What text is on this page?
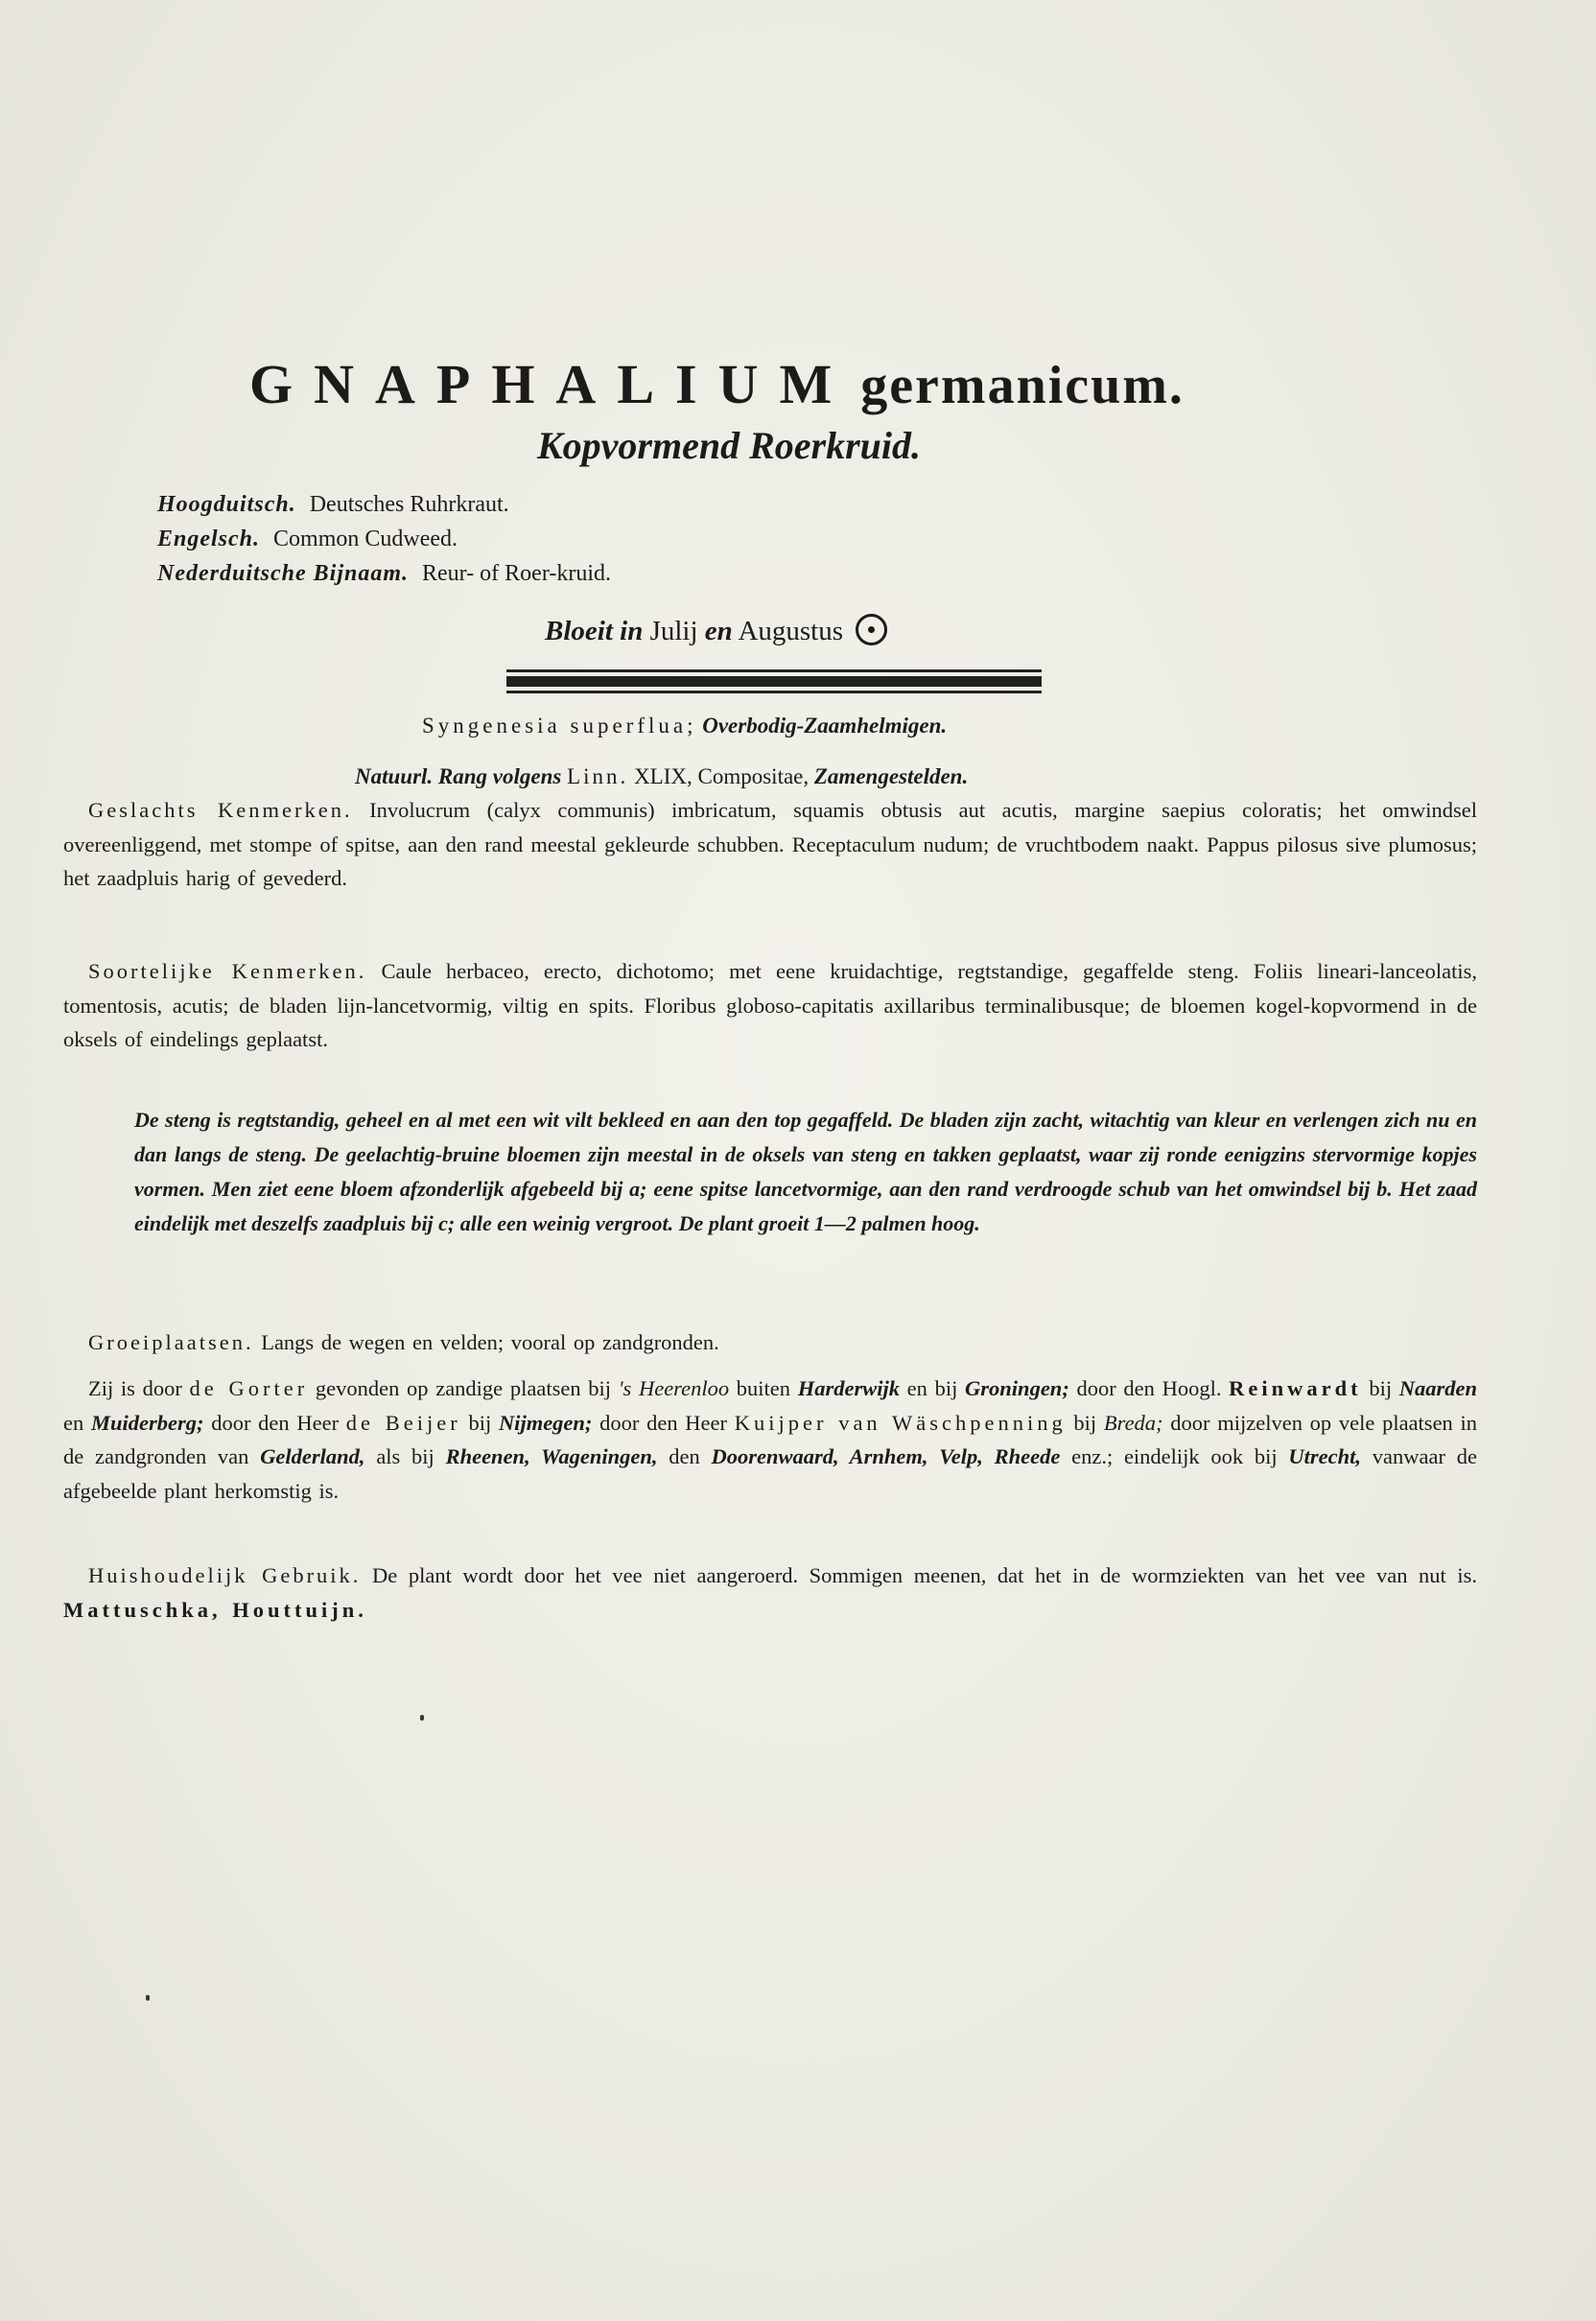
GNAPHALIUM germanicum.
Kopvormend Roerkruid.
Hoogduitsch. Deutsches Ruhrkraut.
Engelsch. Common Cudweed.
Nederduitsche Bijnaam. Reur- of Roer-kruid.
Bloeit in Julij en Augustus
Syngenesia superflua; Overbodig-Zaamhelmigen.
Natuurl. Rang volgens Linn. XLIX, Compositae, Zamengestelden.
Geslachts Kenmerken. Involucrum (calyx communis) imbricatum, squamis obtusis aut acutis, margine saepius coloratis; het omwindsel overeenliggend, met stompe of spitse, aan den rand meestal gekleurde schubben. Receptaculum nudum; de vruchtbodem naakt. Pappus pilosus sive plumosus; het zaadpluis harig of gevederd.
Soortelijke Kenmerken. Caule herbaceo, erecto, dichotomo; met eene kruidachtige, regtstandige, gegaffelde steng. Foliis lineari-lanceolatis, tomentosis, acutis; de bladen lijn-lancetvormig, viltig en spits. Floribus globoso-capitatis axillaribus terminalibusque; de bloemen kogel-kopvormend in de oksels of eindelings geplaatst.
De steng is regtstandig, geheel en al met een wit vilt bekleed en aan den top gegaffeld. De bladen zijn zacht, witachtig van kleur en verlengen zich nu en dan langs de steng. De geelachtig-bruine bloemen zijn meestal in de oksels van steng en takken geplaatst, waar zij ronde eenigzins stervormige kopjes vormen. Men ziet eene bloem afzonderlijk afgebeeld bij a; eene spitse lancetvormige, aan den rand verdroogde schub van het omwindsel bij b. Het zaad eindelijk met deszelfs zaadpluis bij c; alle een weinig vergroot. De plant groeit 1—2 palmen hoog.
Groeiplaatsen. Langs de wegen en velden; vooral op zandgronden.
Zij is door de Gorter gevonden op zandige plaatsen bij 's Heerenloo buiten Harderwijk en bij Groningen; door den Hoogl. Reinwardt bij Naarden en Muiderberg; door den Heer de Beijer bij Nijmegen; door den Heer Kuijper van Wäschpenning bij Breda; door mijzelven op vele plaatsen in de zandgronden van Gelderland, als bij Rheenen, Wageningen, den Doorenwaard, Arnhem, Velp, Rheede enz.; eindelijk ook bij Utrecht, vanwaar de afgebeelde plant herkomstig is.
Huishoudelijk Gebruik. De plant wordt door het vee niet aangeroerd. Sommigen meenen, dat het in de wormziekten van het vee van nut is. Mattuschka, Houttuijn.
